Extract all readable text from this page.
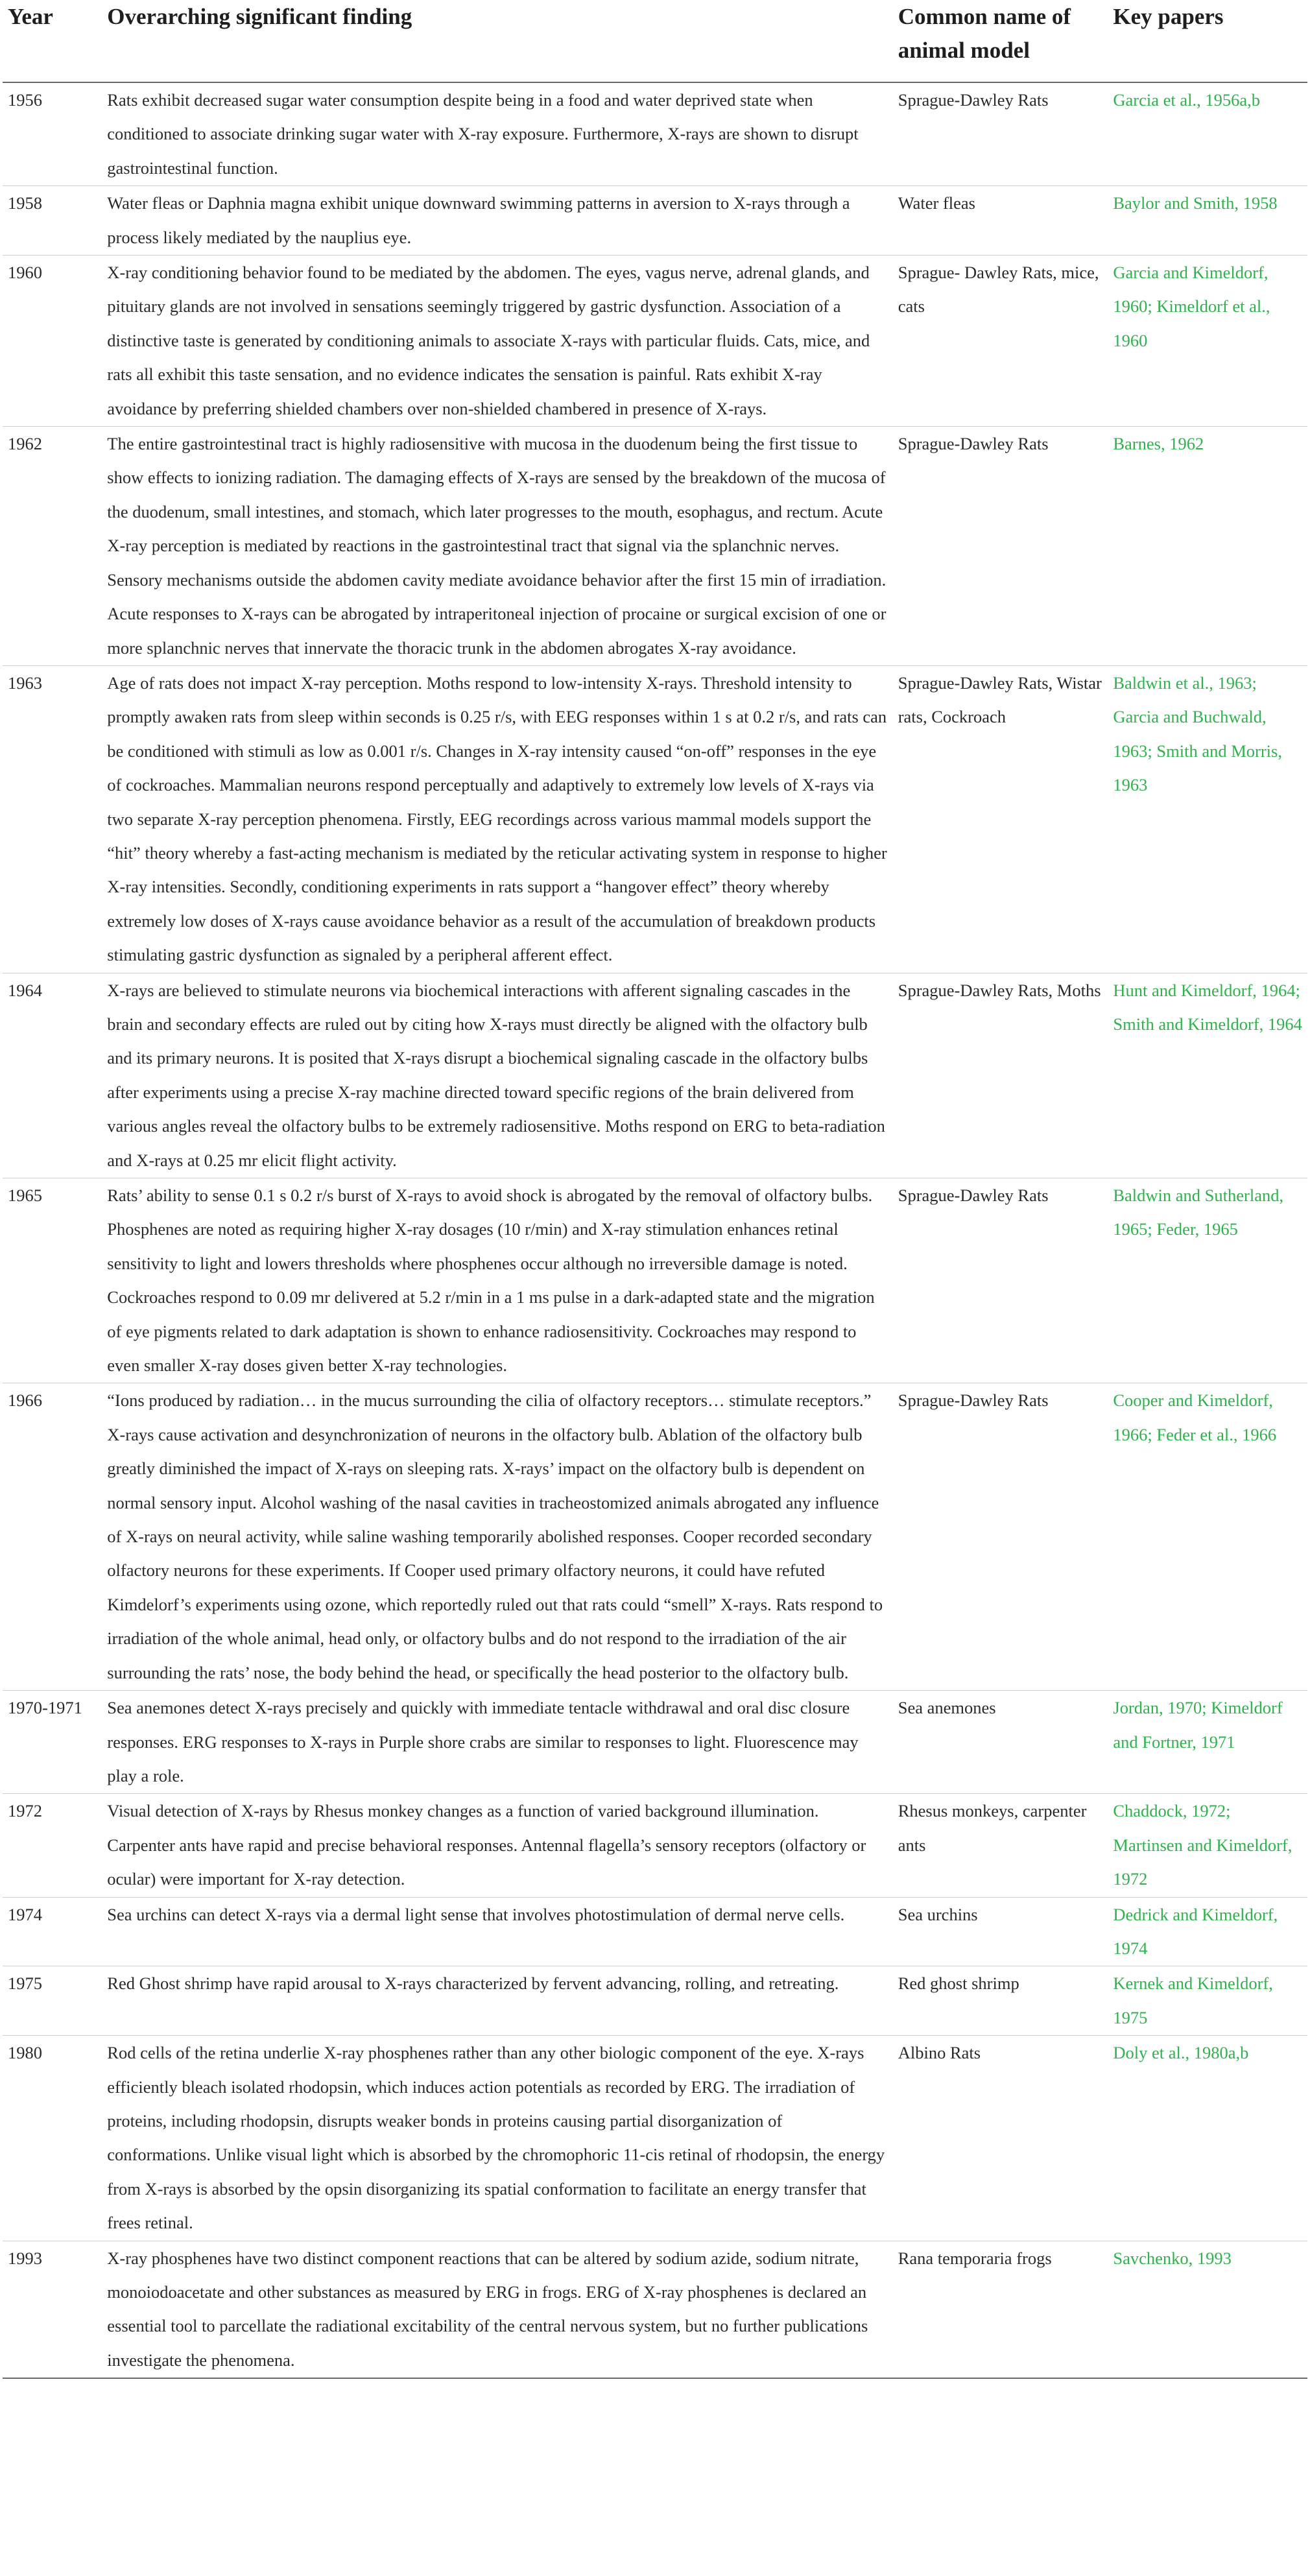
Year	Overarching significant finding	Common name of animal model	Key papers
1956	Rats exhibit decreased sugar water consumption despite being in a food and water deprived state when conditioned to associate drinking sugar water with X-ray exposure. Furthermore, X-rays are shown to disrupt gastrointestinal function.	Sprague-Dawley Rats	Garcia et al., 1956a,b
1958	Water fleas or Daphnia magna exhibit unique downward swimming patterns in aversion to X-rays through a process likely mediated by the nauplius eye.	Water fleas	Baylor and Smith, 1958
1960	X-ray conditioning behavior found to be mediated by the abdomen. The eyes, vagus nerve, adrenal glands, and pituitary glands are not involved in sensations seemingly triggered by gastric dysfunction. Association of a distinctive taste is generated by conditioning animals to associate X-rays with particular fluids. Cats, mice, and rats all exhibit this taste sensation, and no evidence indicates the sensation is painful. Rats exhibit X-ray avoidance by preferring shielded chambers over non-shielded chambered in presence of X-rays.	Sprague- Dawley Rats, mice, cats	Garcia and Kimeldorf, 1960; Kimeldorf et al., 1960
1962	The entire gastrointestinal tract is highly radiosensitive with mucosa in the duodenum being the first tissue to show effects to ionizing radiation. The damaging effects of X-rays are sensed by the breakdown of the mucosa of the duodenum, small intestines, and stomach, which later progresses to the mouth, esophagus, and rectum. Acute X-ray perception is mediated by reactions in the gastrointestinal tract that signal via the splanchnic nerves. Sensory mechanisms outside the abdomen cavity mediate avoidance behavior after the first 15 min of irradiation. Acute responses to X-rays can be abrogated by intraperitoneal injection of procaine or surgical excision of one or more splanchnic nerves that innervate the thoracic trunk in the abdomen abrogates X-ray avoidance.	Sprague-Dawley Rats	Barnes, 1962
1963	Age of rats does not impact X-ray perception. Moths respond to low-intensity X-rays. Threshold intensity to promptly awaken rats from sleep within seconds is 0.25 r/s, with EEG responses within 1 s at 0.2 r/s, and rats can be conditioned with stimuli as low as 0.001 r/s. Changes in X-ray intensity caused “on-off” responses in the eye of cockroaches. Mammalian neurons respond perceptually and adaptively to extremely low levels of X-rays via two separate X-ray perception phenomena. Firstly, EEG recordings across various mammal models support the “hit” theory whereby a fast-acting mechanism is mediated by the reticular activating system in response to higher X-ray intensities. Secondly, conditioning experiments in rats support a “hangover effect” theory whereby extremely low doses of X-rays cause avoidance behavior as a result of the accumulation of breakdown products stimulating gastric dysfunction as signaled by a peripheral afferent effect.	Sprague-Dawley Rats, Wistar rats, Cockroach	Baldwin et al., 1963; Garcia and Buchwald, 1963; Smith and Morris, 1963
1964	X-rays are believed to stimulate neurons via biochemical interactions with afferent signaling cascades in the brain and secondary effects are ruled out by citing how X-rays must directly be aligned with the olfactory bulb and its primary neurons. It is posited that X-rays disrupt a biochemical signaling cascade in the olfactory bulbs after experiments using a precise X-ray machine directed toward specific regions of the brain delivered from various angles reveal the olfactory bulbs to be extremely radiosensitive. Moths respond on ERG to beta-radiation and X-rays at 0.25 mr elicit flight activity.	Sprague-Dawley Rats, Moths	Hunt and Kimeldorf, 1964; Smith and Kimeldorf, 1964
1965	Rats’ ability to sense 0.1 s 0.2 r/s burst of X-rays to avoid shock is abrogated by the removal of olfactory bulbs. Phosphenes are noted as requiring higher X-ray dosages (10 r/min) and X-ray stimulation enhances retinal sensitivity to light and lowers thresholds where phosphenes occur although no irreversible damage is noted. Cockroaches respond to 0.09 mr delivered at 5.2 r/min in a 1 ms pulse in a dark-adapted state and the migration of eye pigments related to dark adaptation is shown to enhance radiosensitivity. Cockroaches may respond to even smaller X-ray doses given better X-ray technologies.	Sprague-Dawley Rats	Baldwin and Sutherland, 1965; Feder, 1965
1966	“Ions produced by radiation… in the mucus surrounding the cilia of olfactory receptors… stimulate receptors.” X-rays cause activation and desynchronization of neurons in the olfactory bulb. Ablation of the olfactory bulb greatly diminished the impact of X-rays on sleeping rats. X-rays’ impact on the olfactory bulb is dependent on normal sensory input. Alcohol washing of the nasal cavities in tracheostomized animals abrogated any influence of X-rays on neural activity, while saline washing temporarily abolished responses. Cooper recorded secondary olfactory neurons for these experiments. If Cooper used primary olfactory neurons, it could have refuted Kimdelorf’s experiments using ozone, which reportedly ruled out that rats could “smell” X-rays. Rats respond to irradiation of the whole animal, head only, or olfactory bulbs and do not respond to the irradiation of the air surrounding the rats’ nose, the body behind the head, or specifically the head posterior to the olfactory bulb.	Sprague-Dawley Rats	Cooper and Kimeldorf, 1966; Feder et al., 1966
1970-1971	Sea anemones detect X-rays precisely and quickly with immediate tentacle withdrawal and oral disc closure responses. ERG responses to X-rays in Purple shore crabs are similar to responses to light. Fluorescence may play a role.	Sea anemones	Jordan, 1970; Kimeldorf and Fortner, 1971
1972	Visual detection of X-rays by Rhesus monkey changes as a function of varied background illumination. Carpenter ants have rapid and precise behavioral responses. Antennal flagella’s sensory receptors (olfactory or ocular) were important for X-ray detection.	Rhesus monkeys, carpenter ants	Chaddock, 1972; Martinsen and Kimeldorf, 1972
1974	Sea urchins can detect X-rays via a dermal light sense that involves photostimulation of dermal nerve cells.	Sea urchins	Dedrick and Kimeldorf, 1974
1975	Red Ghost shrimp have rapid arousal to X-rays characterized by fervent advancing, rolling, and retreating.	Red ghost shrimp	Kernek and Kimeldorf, 1975
1980	Rod cells of the retina underlie X-ray phosphenes rather than any other biologic component of the eye. X-rays efficiently bleach isolated rhodopsin, which induces action potentials as recorded by ERG. The irradiation of proteins, including rhodopsin, disrupts weaker bonds in proteins causing partial disorganization of conformations. Unlike visual light which is absorbed by the chromophoric 11-cis retinal of rhodopsin, the energy from X-rays is absorbed by the opsin disorganizing its spatial conformation to facilitate an energy transfer that frees retinal.	Albino Rats	Doly et al., 1980a,b
1993	X-ray phosphenes have two distinct component reactions that can be altered by sodium azide, sodium nitrate, monoiodoacetate and other substances as measured by ERG in frogs. ERG of X-ray phosphenes is declared an essential tool to parcellate the radiational excitability of the central nervous system, but no further publications investigate the phenomena.	Rana temporaria frogs	Savchenko, 1993
